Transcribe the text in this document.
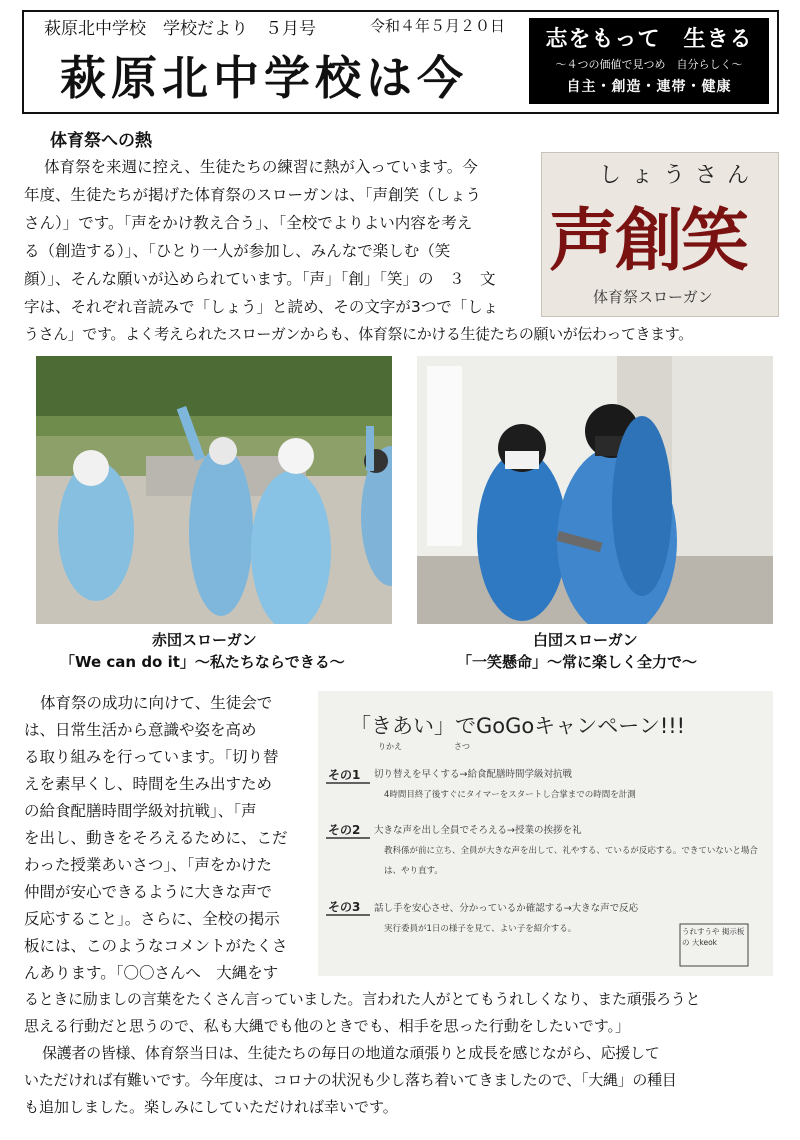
萩原北中学校　学校だより　５月号	令和４年５月２０日
萩原北中学校は今
志をもって　生きる
～４つの価値で見つめ　自分らしく～
自主・創造・連帯・健康
体育祭への熱
体育祭を来週に控え、生徒たちの練習に熱が入っています。今
年度、生徒たちが掲げた体育祭のスローガンは、「声創笑（しょう
さん）」です。「声をかけ教え合う」、「全校でよりよい内容を考え
る（創造する）」、「ひとり一人が参加し、みんなで楽しむ（笑
顔）」、そんな願いが込められています。「声」「創」「笑」の　３　文
字は、それぞれ音読みで「しょう」と読め、その文字が3つで「しょ
うさん」です。よく考えられたスローガンからも、体育祭にかける生徒たちの願いが伝わってきます。
しょうさん
声創笑
体育祭スローガン
赤団スローガン
「We can do it」～私たちならできる～
白団スローガン
「一笑懸命」～常に楽しく全力で～
体育祭の成功に向けて、生徒会で
は、日常生活から意識や姿を高め
る取り組みを行っています。「切り替
えを素早くし、時間を生み出すため
の給食配膳時間学級対抗戦」、「声
を出し、動きをそろえるために、こだ
わった授業あいさつ」、「声をかけた
仲間が安心できるように大きな声で
反応すること」。さらに、全校の掲示
板には、このようなコメントがたくさ
んあります。「〇〇さんへ　大縄をす
「きあい」でGoGoキャンペーン!!!
りかえ	さつ
その1 切り替えを早くする→給食配膳時間学級対抗戦
4時間目終了後すぐにタイマーをスタートし合掌までの時間を計測
その2 大きな声を出し全員でそろえる→授業の挨拶を礼
教科係が前に立ち、全員が大きな声を出して、礼やする、ているが反応する。できていないと場合は、やり直す。
その3 話し手を安心させ、分かっているか確認する→大きな声で反応
実行委員が1日の様子を見て、よい子を紹介する。	うれすうや 掲示板の 大keok
るときに励ましの言葉をたくさん言っていました。言われた人がとてもうれしくなり、また頑張ろうと
思える行動だと思うので、私も大縄でも他のときでも、相手を思った行動をしたいです。」
保護者の皆様、体育祭当日は、生徒たちの毎日の地道な頑張りと成長を感じながら、応援して
いただければ有難いです。今年度は、コロナの状況も少し落ち着いてきましたので、「大縄」の種目
も追加しました。楽しみにしていただければ幸いです。
